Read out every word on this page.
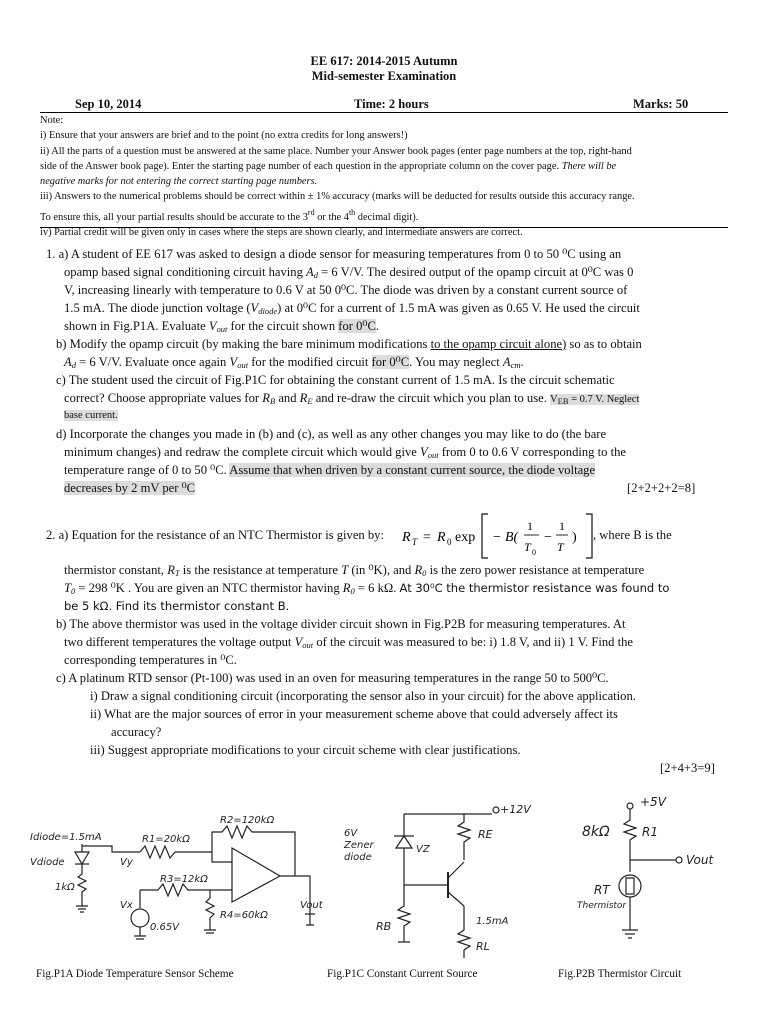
EE 617: 2014-2015 Autumn
Mid-semester Examination
Sep 10, 2014	Time: 2 hours	Marks: 50
Note:
i) Ensure that your answers are brief and to the point (no extra credits for long answers!)
ii) All the parts of a question must be answered at the same place. Number your Answer book pages (enter page numbers at the top, right-hand
side of the Answer book page). Enter the starting page number of each question in the appropriate column on the cover page. There will be
negative marks for not entering the correct starting page numbers.
iii) Answers to the numerical problems should be correct within ± 1% accuracy (marks will be deducted for results outside this accuracy range.
To ensure this, all your partial results should be accurate to the 3rd or the 4th decimal digit).
iv) Partial credit will be given only in cases where the steps are shown clearly, and intermediate answers are correct.
1. a) A student of EE 617 was asked to design a diode sensor for measuring temperatures from 0 to 50 ⁰C using an
opamp based signal conditioning circuit having $A_d = 6$ V/V. The desired output of the opamp circuit at 0⁰C was 0
V, increasing linearly with temperature to 0.6 V at 50 0⁰C. The diode was driven by a constant current source of
1.5 mA. The diode junction voltage $(V_{diode})$ at 0⁰C for a current of 1.5 mA was given as 0.65 V. He used the circuit
shown in Fig.P1A. Evaluate $V_{out}$ for the circuit shown for 0⁰C.
b) Modify the opamp circuit (by making the bare minimum modifications to the opamp circuit alone) so as to obtain
$A_d = 6$ V/V. Evaluate once again $V_{out}$ for the modified circuit for 0⁰C. You may neglect $A_{cm}$.
c) The student used the circuit of Fig.P1C for obtaining the constant current of 1.5 mA. Is the circuit schematic
correct? Choose appropriate values for $R_B$ and $R_E$ and re-draw the circuit which you plan to use. $V_{EB} = 0.7$ V. Neglect
base current.
d) Incorporate the changes you made in (b) and (c), as well as any other changes you may like to do (the bare
minimum changes) and redraw the complete circuit which would give $V_{out}$ from 0 to 0.6 V corresponding to the
temperature range of 0 to 50 ⁰C. Assume that when driven by a constant current source, the diode voltage
decreases by 2 mV per ⁰C	[2+2+2+2=8]
2. a) Equation for the resistance of an NTC Thermistor is given by: R T = R 0 exp − B(
1
T 0
−
1
T
) , where B is the
thermistor constant, $R_T$ is the resistance at temperature T (in ⁰K), and $R_0$ is the zero power resistance at temperature
$T_0 = 298$ ⁰K . You are given an NTC thermistor having $R_0 = 6$ kΩ. At 30⁰C the thermistor resistance was found to
be 5 kΩ. Find its thermistor constant B.
b) The above thermistor was used in the voltage divider circuit shown in Fig.P2B for measuring temperatures. At
two different temperatures the voltage output $V_{out}$ of the circuit was measured to be: i) 1.8 V, and ii) 1 V. Find the
corresponding temperatures in ⁰C.
c) A platinum RTD sensor (Pt-100) was used in an oven for measuring temperatures in the range 50 to 500⁰C.
i) Draw a signal conditioning circuit (incorporating the sensor also in your circuit) for the above application.
ii) What are the major sources of error in your measurement scheme above that could adversely affect its
accuracy?
iii) Suggest appropriate modifications to your circuit scheme with clear justifications.
[2+4+3=9]
Idiode=1.5mA
Vdiode
1kΩ
Vy
R1=20kΩ
R2=120kΩ
Vout
R3=12kΩ
Vx
0.65V
R4=60kΩ
+12V
RE
6V
Zener
diode
VZ
RB	1.5mA
RL
+5V
8kΩ	R1
Vout
RT
Thermistor
Fig.P1A Diode Temperature Sensor Scheme	Fig.P1C Constant Current Source	Fig.P2B Thermistor Circuit
